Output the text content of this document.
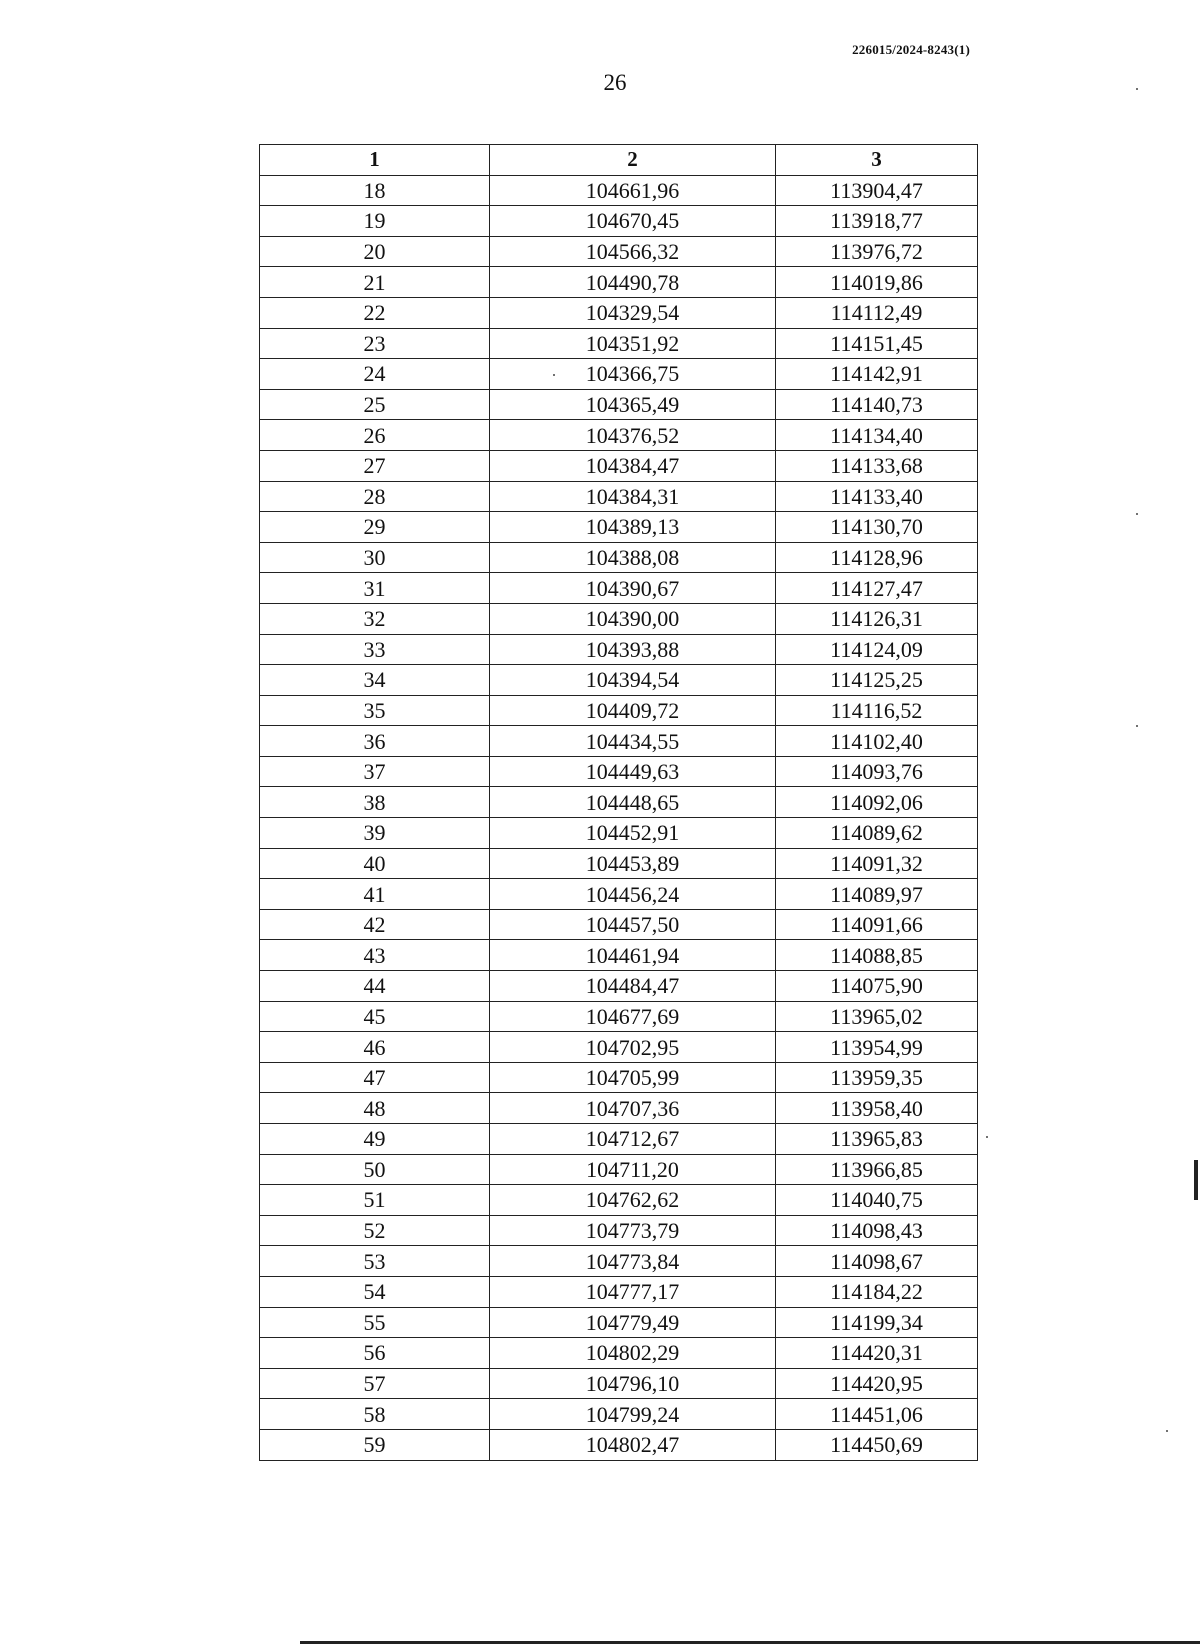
226015/2024-8243(1)
26
1	2	3
18	104661,96	113904,47
19	104670,45	113918,77
20	104566,32	113976,72
21	104490,78	114019,86
22	104329,54	114112,49
23	104351,92	114151,45
24	104366,75	114142,91
25	104365,49	114140,73
26	104376,52	114134,40
27	104384,47	114133,68
28	104384,31	114133,40
29	104389,13	114130,70
30	104388,08	114128,96
31	104390,67	114127,47
32	104390,00	114126,31
33	104393,88	114124,09
34	104394,54	114125,25
35	104409,72	114116,52
36	104434,55	114102,40
37	104449,63	114093,76
38	104448,65	114092,06
39	104452,91	114089,62
40	104453,89	114091,32
41	104456,24	114089,97
42	104457,50	114091,66
43	104461,94	114088,85
44	104484,47	114075,90
45	104677,69	113965,02
46	104702,95	113954,99
47	104705,99	113959,35
48	104707,36	113958,40
49	104712,67	113965,83
50	104711,20	113966,85
51	104762,62	114040,75
52	104773,79	114098,43
53	104773,84	114098,67
54	104777,17	114184,22
55	104779,49	114199,34
56	104802,29	114420,31
57	104796,10	114420,95
58	104799,24	114451,06
59	104802,47	114450,69
